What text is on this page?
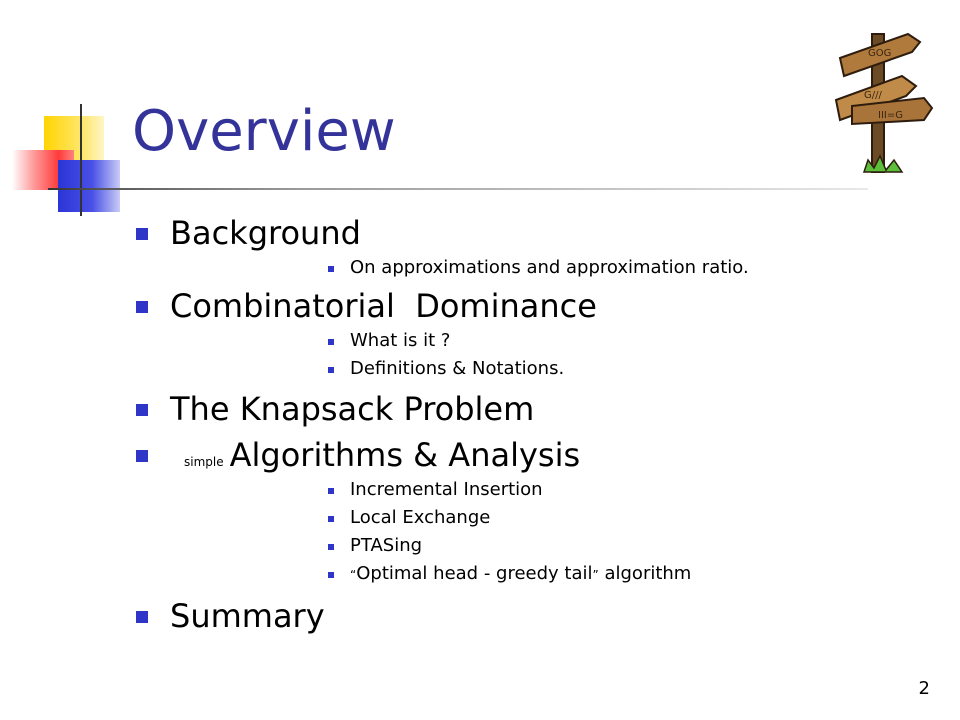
Overview
GOG
G///
III=G
Background
On approximations and approximation ratio.
Combinatorial  Dominance
What is it ?
Definitions & Notations.
The Knapsack Problem
simple Algorithms & Analysis
Incremental Insertion
Local Exchange
PTASing
“Optimal head - greedy tail” algorithm
Summary
2
